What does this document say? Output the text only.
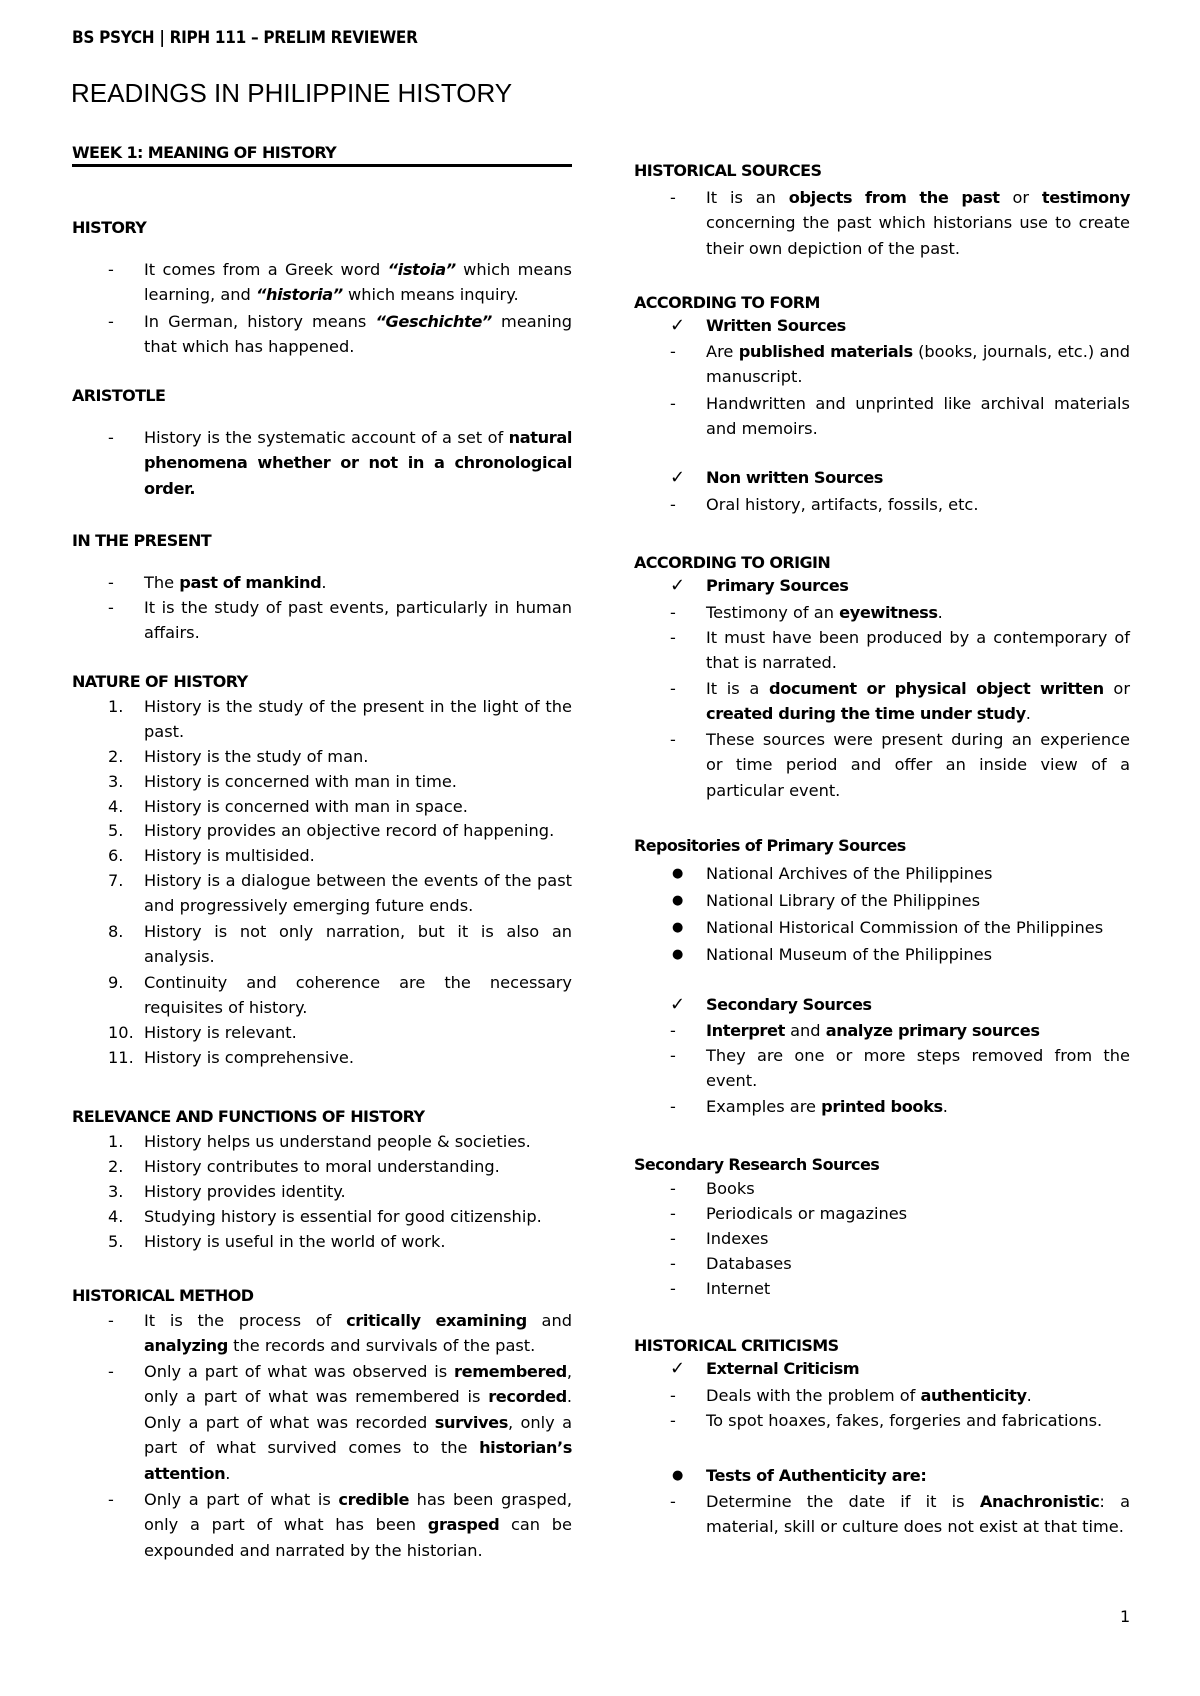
BS PSYCH | RIPH 111 – PRELIM REVIEWER
READINGS IN PHILIPPINE HISTORY
WEEK 1: MEANING OF HISTORY
HISTORY
- It comes from a Greek word “istoia” which means learning, and “historia” which means inquiry.
- In German, history means “Geschichte” meaning that which has happened.
ARISTOTLE
- History is the systematic account of a set of natural phenomena whether or not in a chronological order.
IN THE PRESENT
- The past of mankind.
- It is the study of past events, particularly in human affairs.
NATURE OF HISTORY
1.	History is the study of the present in the light of the past.
2.	History is the study of man.
3.	History is concerned with man in time.
4.	History is concerned with man in space.
5.	History provides an objective record of happening.
6.	History is multisided.
7.	History is a dialogue between the events of the past and progressively emerging future ends.
8.	History is not only narration, but it is also an analysis.
9.	Continuity and coherence are the necessary requisites of history.
10. History is relevant.
11. History is comprehensive.
RELEVANCE AND FUNCTIONS OF HISTORY
1.	History helps us understand people & societies.
2.	History contributes to moral understanding.
3.	History provides identity.
4.	Studying history is essential for good citizenship.
5.	History is useful in the world of work.
HISTORICAL METHOD
- It is the process of critically examining and analyzing the records and survivals of the past.
- Only a part of what was observed is remembered, only a part of what was remembered is recorded. Only a part of what was recorded survives, only a part of what survived comes to the historian’s attention.
- Only a part of what is credible has been grasped, only a part of what has been grasped can be expounded and narrated by the historian.
HISTORICAL SOURCES
- It is an objects from the past or testimony concerning the past which historians use to create their own depiction of the past.
ACCORDING TO FORM
✓ Written Sources
- Are published materials (books, journals, etc.) and manuscript.
- Handwritten and unprinted like archival materials and memoirs.
✓ Non written Sources
- Oral history, artifacts, fossils, etc.
ACCORDING TO ORIGIN
✓ Primary Sources
- Testimony of an eyewitness.
- It must have been produced by a contemporary of that is narrated.
- It is a document or physical object written or created during the time under study.
- These sources were present during an experience or time period and offer an inside view of a particular event.
Repositories of Primary Sources
● National Archives of the Philippines
● National Library of the Philippines
● National Historical Commission of the Philippines
● National Museum of the Philippines
✓ Secondary Sources
- Interpret and analyze primary sources
- They are one or more steps removed from the event.
- Examples are printed books.
Secondary Research Sources
- Books
- Periodicals or magazines
- Indexes
- Databases
- Internet
HISTORICAL CRITICISMS
✓ External Criticism
- Deals with the problem of authenticity.
- To spot hoaxes, fakes, forgeries and fabrications.
● Tests of Authenticity are:
- Determine the date if it is Anachronistic: a material, skill or culture does not exist at that time.
1
